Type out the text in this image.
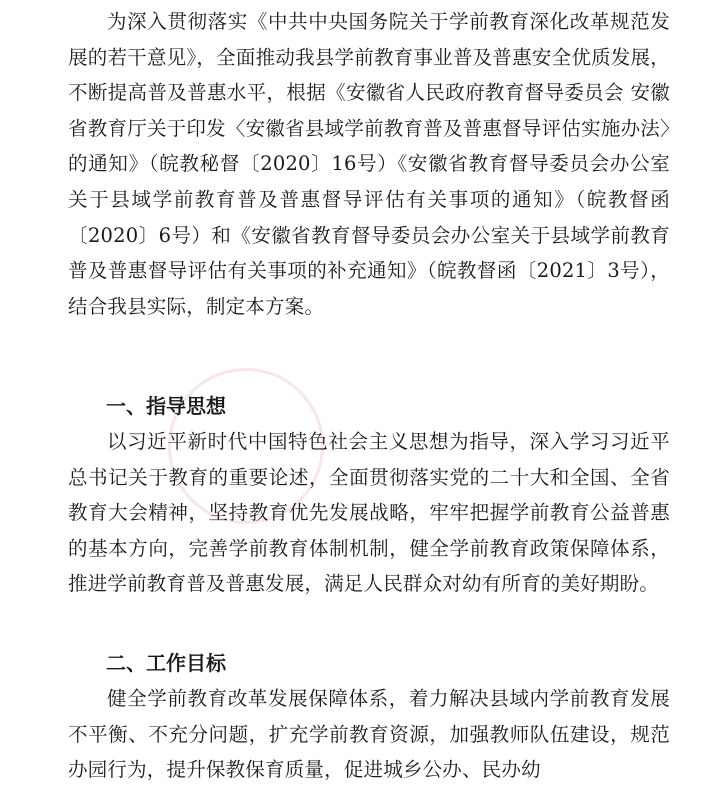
为深入贯彻落实《中共中央国务院关于学前教育深化改革规范发展的若干意见》，全面推动我县学前教育事业普及普惠安全优质发展，不断提高普及普惠水平，根据《安徽省人民政府教育督导委员会 安徽省教育厅关于印发〈安徽省县域学前教育普及普惠督导评估实施办法〉的通知》（皖教秘督〔2020〕16号）《安徽省教育督导委员会办公室关于县域学前教育普及普惠督导评估有关事项的通知》（皖教督函〔2020〕6号）和《安徽省教育督导委员会办公室关于县域学前教育普及普惠督导评估有关事项的补充通知》（皖教督函〔2021〕3号），结合我县实际，制定本方案。

一、指导思想

以习近平新时代中国特色社会主义思想为指导，深入学习习近平总书记关于教育的重要论述，全面贯彻落实党的二十大和全国、全省教育大会精神，坚持教育优先发展战略，牢牢把握学前教育公益普惠的基本方向，完善学前教育体制机制，健全学前教育政策保障体系，推进学前教育普及普惠发展，满足人民群众对幼有所育的美好期盼。

二、工作目标

健全学前教育改革发展保障体系，着力解决县域内学前教育发展不平衡、不充分问题，扩充学前教育资源，加强教师队伍建设，规范办园行为，提升保教保育质量，促进城乡公办、民办幼
